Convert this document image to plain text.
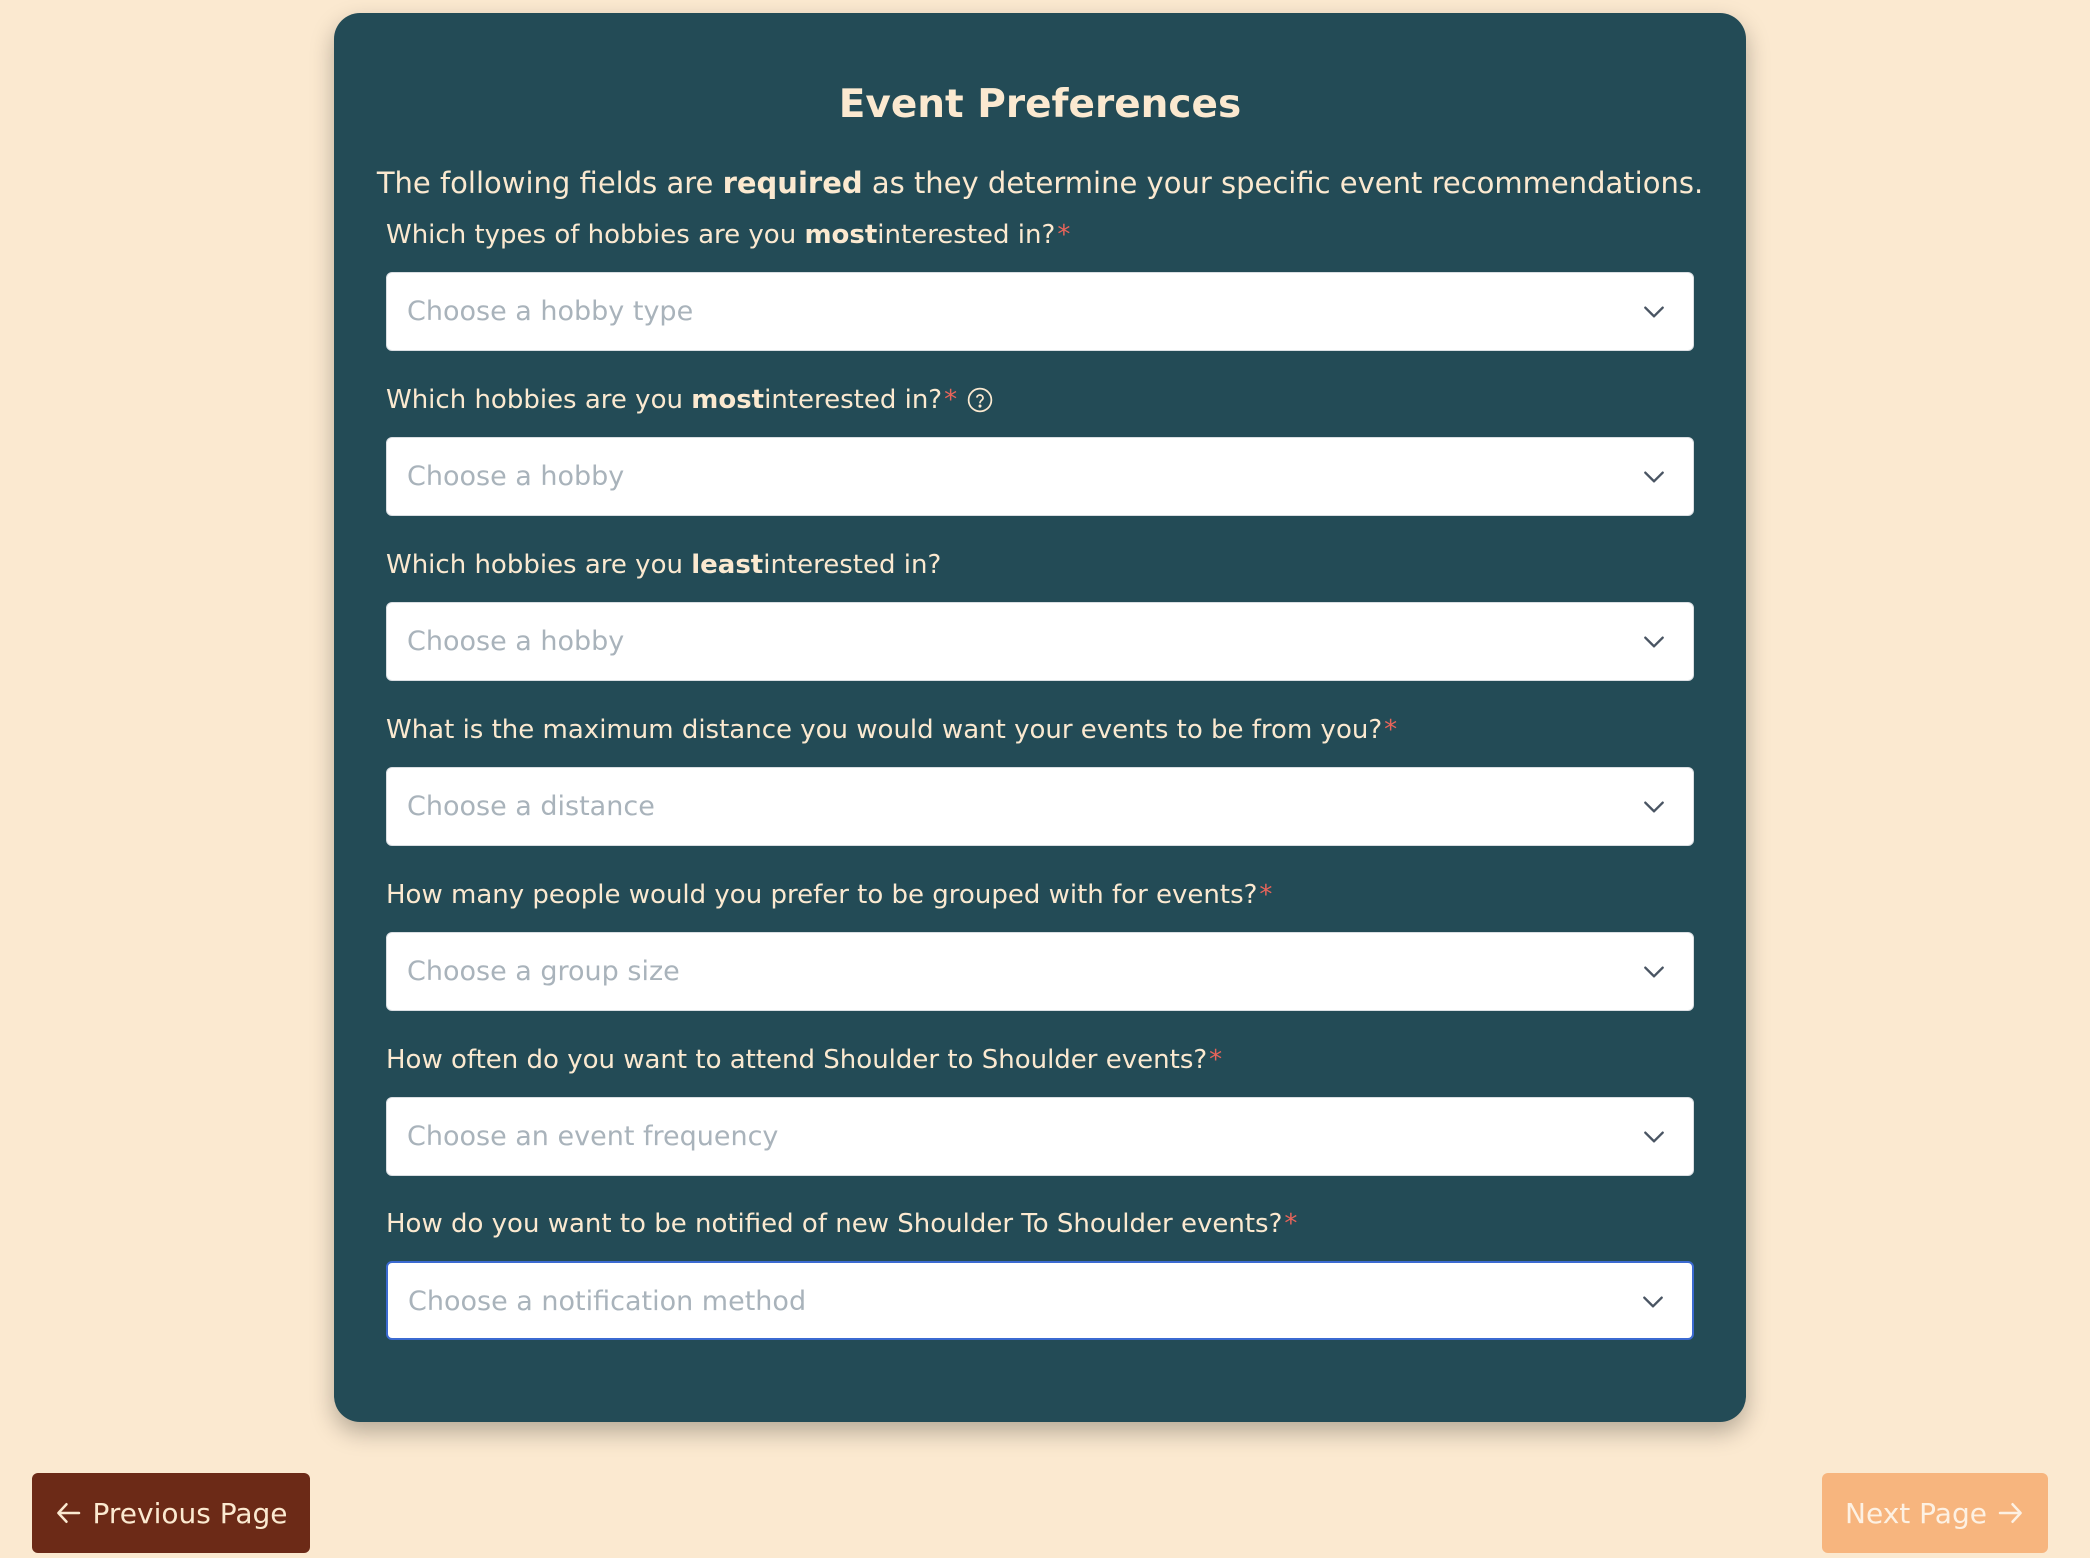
Event Preferences

The following fields are required as they determine your specific event recommendations.

Which types of hobbies are you most interested in? *
Choose a hobby type
Which hobbies are you most interested in? *
Choose a hobby
Which hobbies are you least interested in?
Choose a hobby
What is the maximum distance you would want your events to be from you? *
Choose a distance
How many people would you prefer to be grouped with for events? *
Choose a group size
How often do you want to attend Shoulder to Shoulder events? *
Choose an event frequency
How do you want to be notified of new Shoulder To Shoulder events? *
Choose a notification method
Previous Page	Next Page
